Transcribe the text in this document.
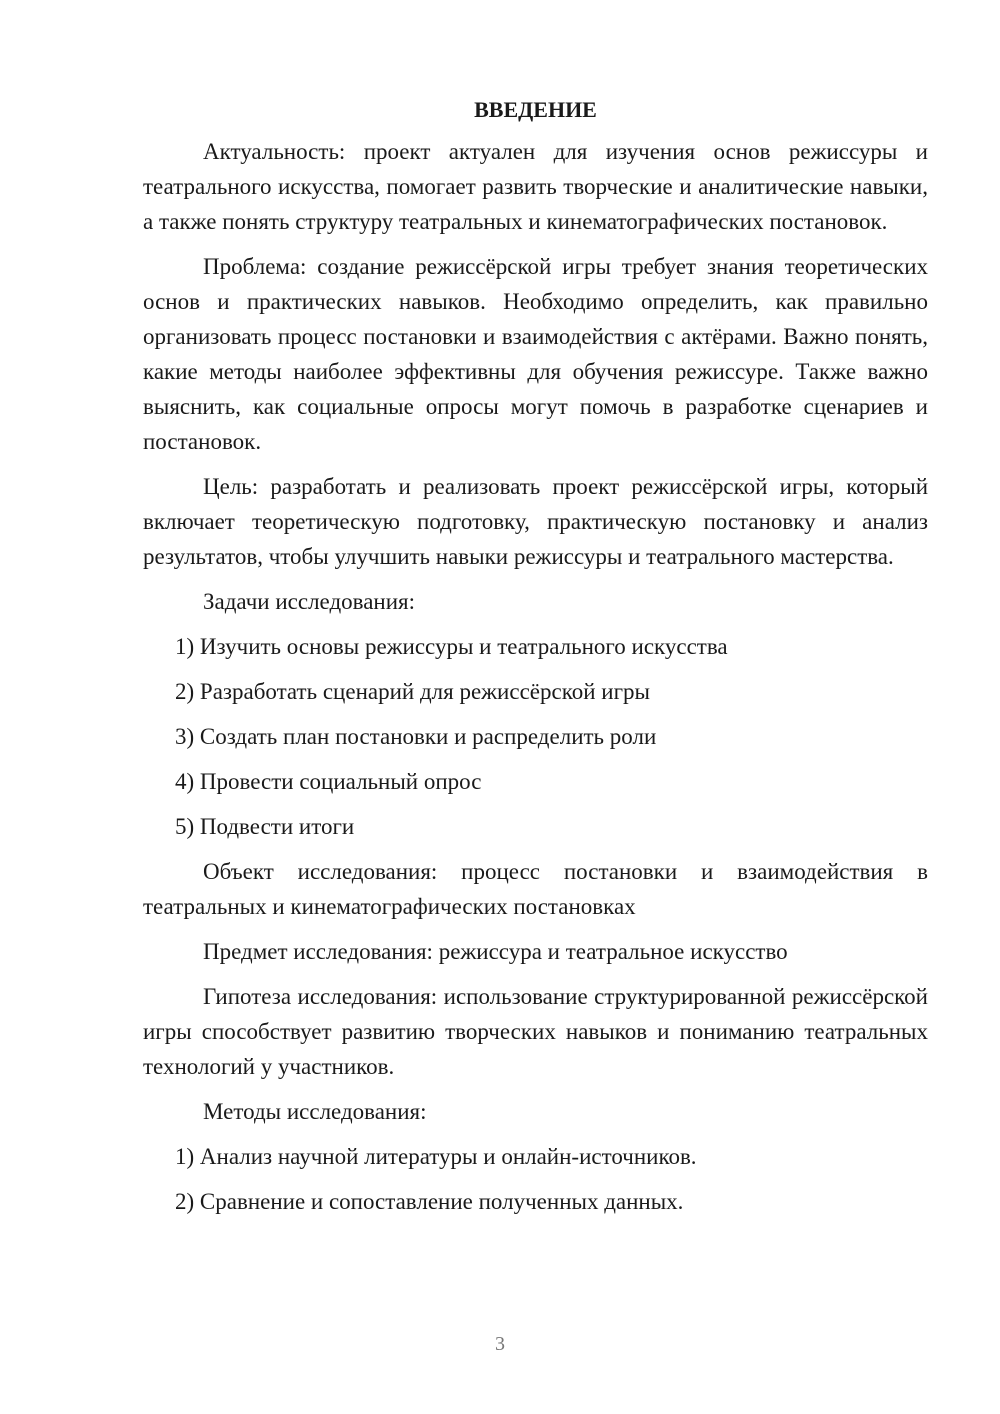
ВВЕДЕНИЕ

Актуальность: проект актуален для изучения основ режиссуры и театрального искусства, помогает развить творческие и аналитические навыки, а также понять структуру театральных и кинематографических постановок.

Проблема: создание режиссёрской игры требует знания теоретических основ и практических навыков. Необходимо определить, как правильно организовать процесс постановки и взаимодействия с актёрами. Важно понять, какие методы наиболее эффективны для обучения режиссуре. Также важно выяснить, как социальные опросы могут помочь в разработке сценариев и постановок.

Цель: разработать и реализовать проект режиссёрской игры, который включает теоретическую подготовку, практическую постановку и анализ результатов, чтобы улучшить навыки режиссуры и театрального мастерства.

Задачи исследования:

1) Изучить основы режиссуры и театрального искусства
2) Разработать сценарий для режиссёрской игры
3) Создать план постановки и распределить роли
4) Провести социальный опрос
5) Подвести итоги

Объект исследования: процесс постановки и взаимодействия в театральных и кинематографических постановках

Предмет исследования: режиссура и театральное искусство

Гипотеза исследования: использование структурированной режиссёрской игры способствует развитию творческих навыков и пониманию театральных технологий у участников.

Методы исследования:

1) Анализ научной литературы и онлайн-источников.
2) Сравнение и сопоставление полученных данных.
3
